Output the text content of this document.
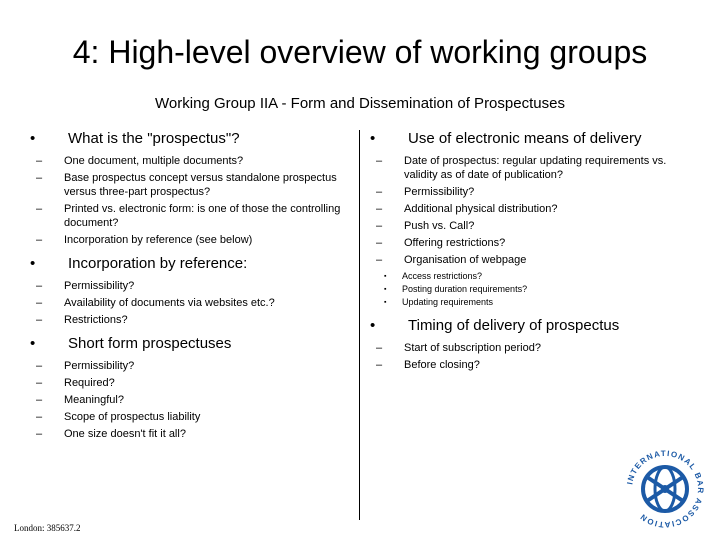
4: High-level overview of working groups
Working Group IIA - Form and Dissemination of Prospectuses
•	What is the "prospectus"?
– One document, multiple documents?
– Base prospectus concept versus standalone prospectus versus three-part prospectus?
– Printed vs. electronic form: is one of those the controlling document?
– Incorporation by reference (see below)
•	Incorporation by reference:
– Permissibility?
– Availability of documents via websites etc.?
– Restrictions?
•	Short form prospectuses
– Permissibility?
– Required?
– Meaningful?
– Scope of prospectus liability
– One size doesn't fit it all?
•	Use of electronic means of delivery
– Date of prospectus: regular updating requirements vs. validity as of date of publication?
– Permissibility?
– Additional physical distribution?
– Push vs. Call?
– Offering restrictions?
– Organisation of webpage
▪ Access restrictions?
▪ Posting duration requirements?
▪ Updating requirements
•	Timing of delivery of prospectus
– Start of subscription period?
– Before closing?
London: 385637.2
INTERNATIONAL BAR ASSOCIATION
